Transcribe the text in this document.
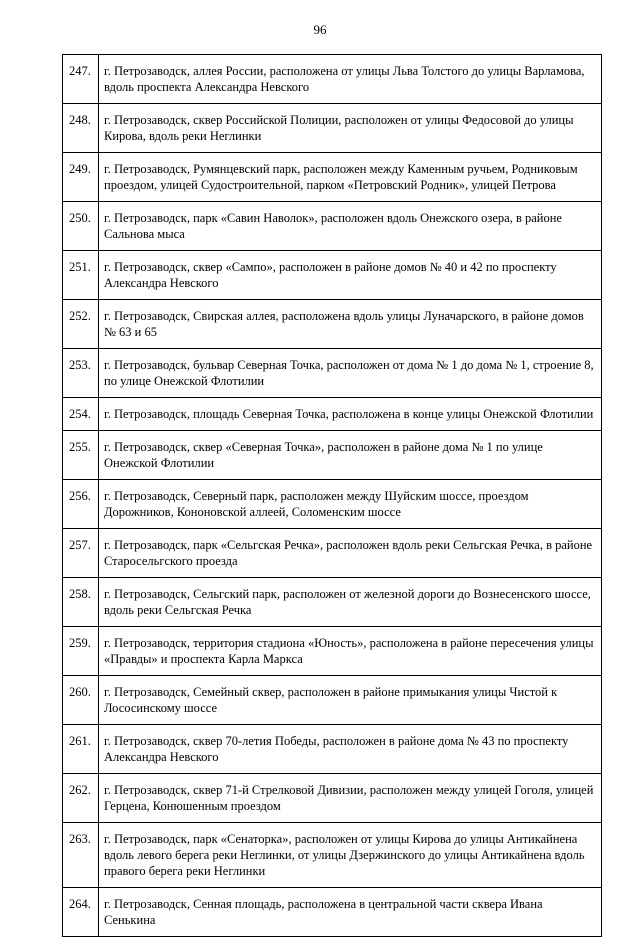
96
247.	г. Петрозаводск, аллея России, расположена от улицы Льва Толстого до улицы Варламова, вдоль проспекта Александра Невского
248.	г. Петрозаводск, сквер Российской Полиции, расположен от улицы Федосовой до улицы Кирова, вдоль реки Неглинки
249.	г. Петрозаводск, Румянцевский парк, расположен между Каменным ручьем, Родниковым проездом, улицей Судостроительной, парком «Петровский Родник», улицей Петрова
250.	г. Петрозаводск, парк «Савин Наволок», расположен вдоль Онежского озера, в районе Сальнова мыса
251.	г. Петрозаводск, сквер «Сампо», расположен в районе домов № 40 и 42 по проспекту Александра Невского
252.	г. Петрозаводск, Свирская аллея, расположена вдоль улицы Луначарского, в районе домов № 63 и 65
253.	г. Петрозаводск, бульвар Северная Точка, расположен от дома № 1 до дома № 1, строение 8, по улице Онежской Флотилии
254.	г. Петрозаводск, площадь Северная Точка, расположена в конце улицы Онежской Флотилии
255.	г. Петрозаводск, сквер «Северная Точка», расположен в районе дома № 1 по улице Онежской Флотилии
256.	г. Петрозаводск, Северный парк, расположен между Шуйским шоссе, проездом Дорожников, Кононовской аллеей, Соломенским шоссе
257.	г. Петрозаводск, парк «Сельгская Речка», расположен вдоль реки Сельгская Речка, в районе Старосельгского проезда
258.	г. Петрозаводск, Сельгский парк, расположен от железной дороги до Вознесенского шоссе, вдоль реки Сельгская Речка
259.	г. Петрозаводск, территория стадиона «Юность», расположена в районе пересечения улицы «Правды» и проспекта Карла Маркса
260.	г. Петрозаводск, Семейный сквер, расположен в районе примыкания улицы Чистой к Лососинскому шоссе
261.	г. Петрозаводск, сквер 70-летия Победы, расположен в районе дома № 43 по проспекту Александра Невского
262.	г. Петрозаводск, сквер 71-й Стрелковой Дивизии, расположен между улицей Гоголя, улицей Герцена, Конюшенным проездом
263.	г. Петрозаводск, парк «Сенаторка», расположен от улицы Кирова до улицы Антикайнена вдоль левого берега реки Неглинки, от улицы Дзержинского до улицы Антикайнена вдоль правого берега реки Неглинки
264.	г. Петрозаводск, Сенная площадь, расположена в центральной части сквера Ивана Сенькина
